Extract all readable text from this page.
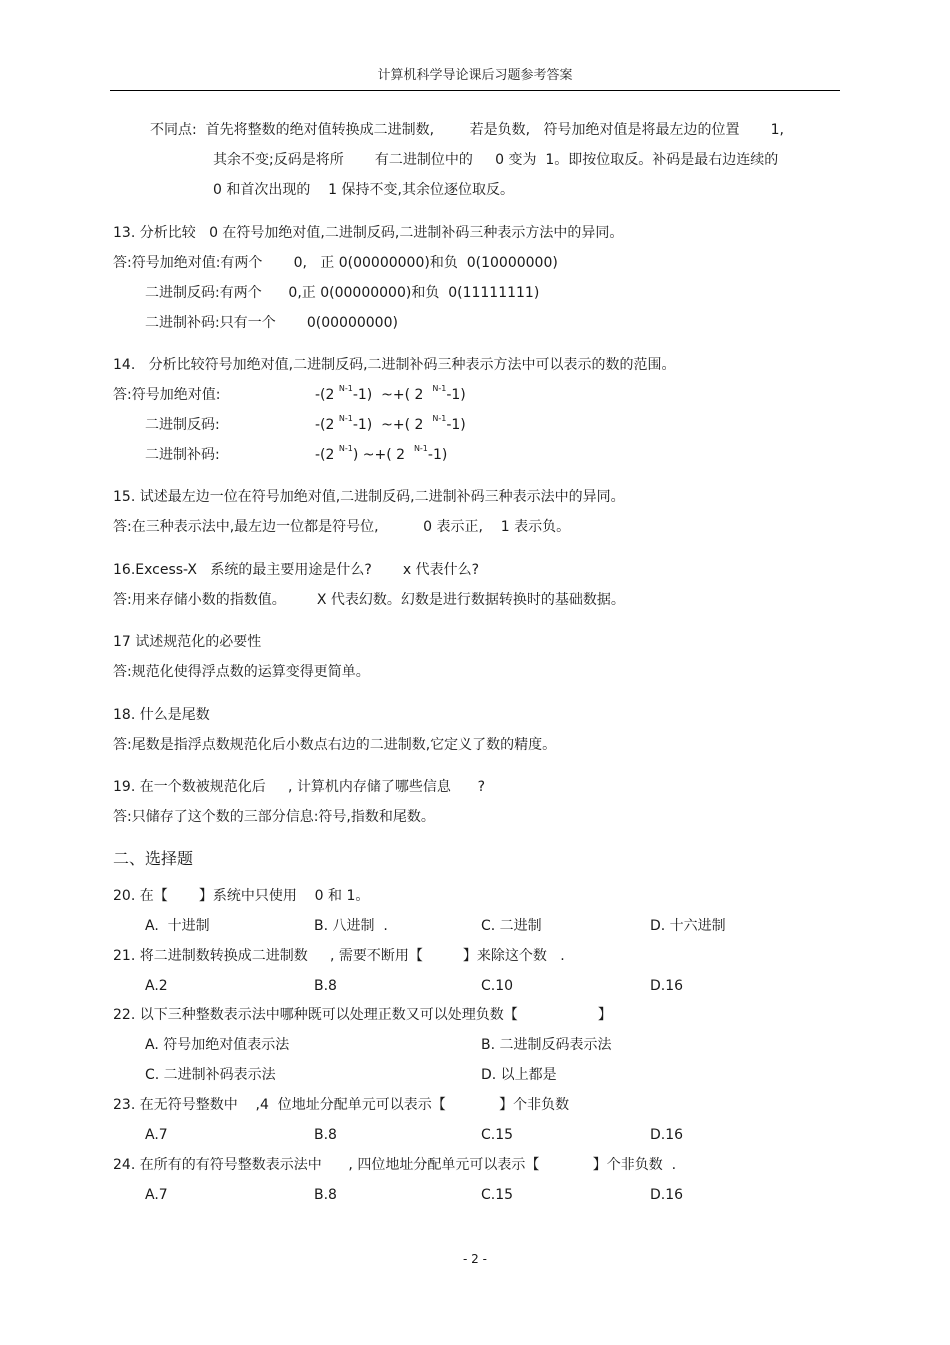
计算机科学导论课后习题参考答案
不同点:  首先将整数的绝对值转换成二进制数,        若是负数,   符号加绝对值是将最左边的位置       1,
其余不变;反码是将所       有二进制位中的     0 变为  1。即按位取反。补码是最右边连续的
0 和首次出现的    1 保持不变,其余位逐位取反。
13. 分析比较   0 在符号加绝对值,二进制反码,二进制补码三种表示方法中的异同。
答:符号加绝对值:有两个       0,   正 0(00000000)和负  0(10000000)
二进制反码:有两个      0,正 0(00000000)和负  0(11111111)
二进制补码:只有一个       0(00000000)
14.   分析比较符号加绝对值,二进制反码,二进制补码三种表示方法中可以表示的数的范围。
答:符号加绝对值:	-(2 $^{N-1}$-1)  ~+( 2  $^{N-1}$-1)
二进制反码:	-(2 $^{N-1}$-1)  ~+( 2  $^{N-1}$-1)
二进制补码:	-(2 $^{N-1}$) ~+( 2  $^{N-1}$-1)
15. 试述最左边一位在符号加绝对值,二进制反码,二进制补码三种表示法中的异同。
答:在三种表示法中,最左边一位都是符号位,          0 表示正,    1 表示负。
16.Excess-X   系统的最主要用途是什么?       x 代表什么?
答:用来存储小数的指数值。       X 代表幻数。幻数是进行数据转换时的基础数据。
17 试述规范化的必要性
答:规范化使得浮点数的运算变得更简单。
18. 什么是尾数
答:尾数是指浮点数规范化后小数点右边的二进制数,它定义了数的精度。
19. 在一个数被规范化后     , 计算机内存储了哪些信息      ?
答:只储存了这个数的三部分信息:符号,指数和尾数。
二、选择题
20. 在【       】系统中只使用    0 和 1。
A.  十进制	B. 八进制  .	C. 二进制	D. 十六进制
21. 将二进制数转换成二进制数     , 需要不断用【         】来除这个数   .
A.2	B.8	C.10	D.16
22. 以下三种整数表示法中哪种既可以处理正数又可以处理负数【                  】
A. 符号加绝对值表示法	B. 二进制反码表示法
C. 二进制补码表示法	D. 以上都是
23. 在无符号整数中    ,4  位地址分配单元可以表示【            】个非负数
A.7	B.8	C.15	D.16
24. 在所有的有符号整数表示法中      , 四位地址分配单元可以表示【            】个非负数  .
A.7	B.8	C.15	D.16
- 2 -
